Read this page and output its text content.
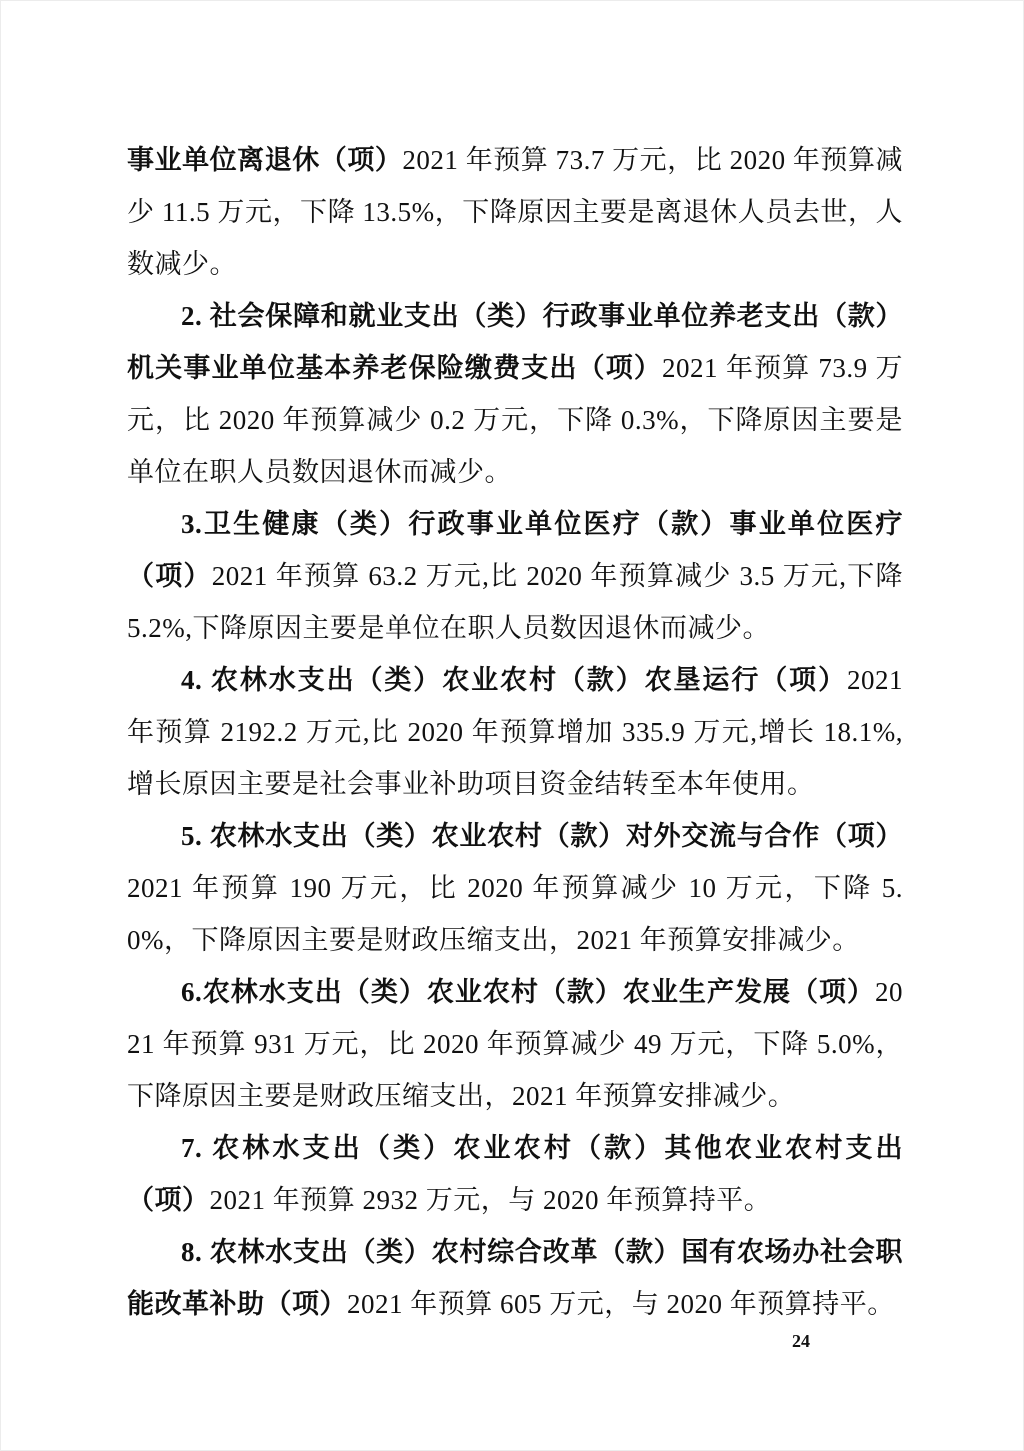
事业单位离退休（项）2021 年预算 73.7 万元，比 2020 年预算减少 11.5 万元，下降 13.5%，下降原因主要是离退休人员去世，人数减少。

2. 社会保障和就业支出（类）行政事业单位养老支出（款）机关事业单位基本养老保险缴费支出（项）2021 年预算 73.9 万元，比 2020 年预算减少 0.2 万元，下降 0.3%，下降原因主要是单位在职人员数因退休而减少。

3.卫生健康（类）行政事业单位医疗（款）事业单位医疗（项）2021 年预算 63.2 万元,比 2020 年预算减少 3.5 万元,下降 5.2%,下降原因主要是单位在职人员数因退休而减少。

4. 农林水支出（类）农业农村（款）农垦运行（项）2021 年预算 2192.2 万元,比 2020 年预算增加 335.9 万元,增长 18.1%,增长原因主要是社会事业补助项目资金结转至本年使用。

5. 农林水支出（类）农业农村（款）对外交流与合作（项）2021 年预算 190 万元，比 2020 年预算减少 10 万元，下降 5.0%，下降原因主要是财政压缩支出，2021 年预算安排减少。

6.农林水支出（类）农业农村（款）农业生产发展（项）2021 年预算 931 万元，比 2020 年预算减少 49 万元，下降 5.0%，下降原因主要是财政压缩支出，2021 年预算安排减少。

7. 农林水支出（类）农业农村（款）其他农业农村支出（项）2021 年预算 2932 万元，与 2020 年预算持平。

8. 农林水支出（类）农村综合改革（款）国有农场办社会职能改革补助（项）2021 年预算 605 万元，与 2020 年预算持平。

24
